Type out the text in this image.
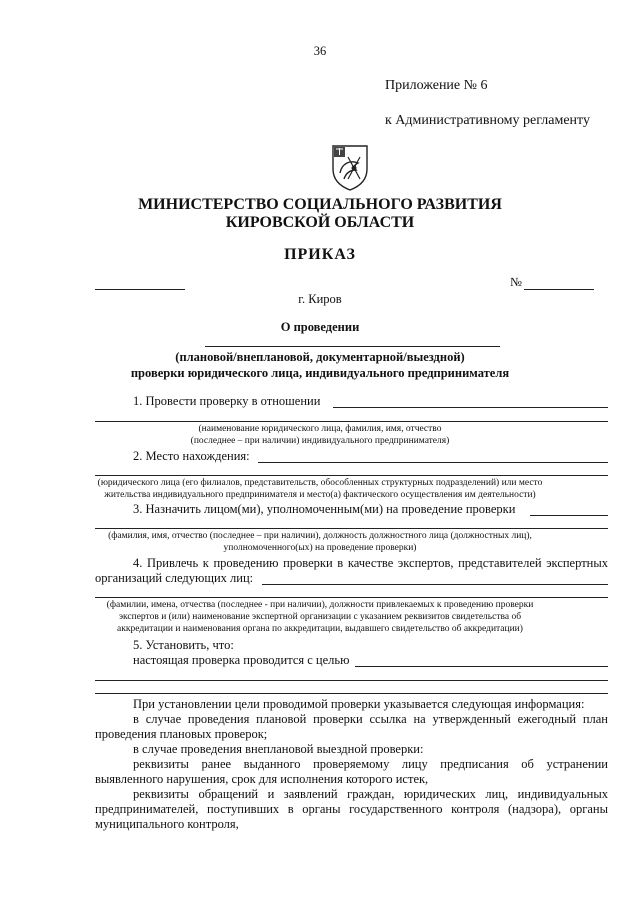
36
Приложение № 6
к Административному регламенту
МИНИСТЕРСТВО СОЦИАЛЬНОГО РАЗВИТИЯ
КИРОВСКОЙ ОБЛАСТИ
ПРИКАЗ
№
г. Киров
О проведении
(плановой/внеплановой, документарной/выездной)
проверки юридического лица, индивидуального предпринимателя
1. Провести проверку в отношении
(наименование юридического лица, фамилия, имя, отчество
(последнее – при наличии) индивидуального предпринимателя)
2. Место нахождения:
(юридического лица (его филиалов, представительств, обособленных структурных подразделений) или место
жительства индивидуального предпринимателя и место(а) фактического осуществления им деятельности)
3. Назначить лицом(ми), уполномоченным(ми) на проведение проверки
(фамилия, имя, отчество (последнее – при наличии), должность должностного лица (должностных лиц),
уполномоченного(ых) на проведение проверки)
4. Привлечь к проведению проверки в качестве экспертов, представителей экспертных
организаций следующих лиц:
(фамилии, имена, отчества (последнее - при наличии), должности привлекаемых к проведению проверки
экспертов и (или) наименование экспертной организации с указанием реквизитов свидетельства об
аккредитации и наименования органа по аккредитации, выдавшего свидетельство об аккредитации)
5. Установить, что:
настоящая проверка проводится с целью
При установлении цели проводимой проверки указывается следующая информация:
в случае проведения плановой проверки ссылка на утвержденный ежегодный план
проведения плановых проверок;
в случае проведения внеплановой выездной проверки:
реквизиты ранее выданного проверяемому лицу предписания об устранении
выявленного нарушения, срок для исполнения которого истек,
реквизиты обращений и заявлений граждан, юридических лиц, индивидуальных
предпринимателей, поступивших в органы государственного контроля (надзора), органы
муниципального контроля,
